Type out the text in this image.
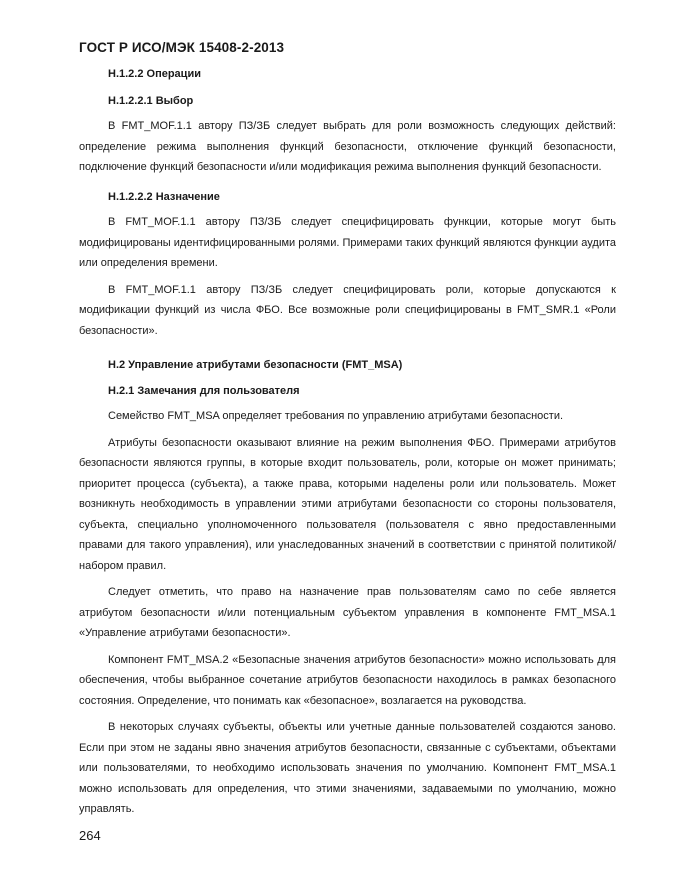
ГОСТ Р ИСО/МЭК 15408-2-2013

H.1.2.2 Операции

H.1.2.2.1 Выбор

В FMT_MOF.1.1 автору ПЗ/ЗБ следует выбрать для роли возможность следующих действий: определение режима выполнения функций безопасности, отключение функций безопасности, подключение функций безопасности и/или модификация режима выполнения функций безопасности.

H.1.2.2.2 Назначение

В FMT_MOF.1.1 автору ПЗ/ЗБ следует специфицировать функции, которые могут быть модифицированы идентифицированными ролями. Примерами таких функций являются функции аудита или определения времени.

В FMT_MOF.1.1 автору ПЗ/ЗБ следует специфицировать роли, которые допускаются к модификации функций из числа ФБО. Все возможные роли специфицированы в FMT_SMR.1 «Роли безопасности».

H.2 Управление атрибутами безопасности (FMT_MSA)

H.2.1 Замечания для пользователя

Семейство FMT_MSA определяет требования по управлению атрибутами безопасности.

Атрибуты безопасности оказывают влияние на режим выполнения ФБО. Примерами атрибутов безопасности являются группы, в которые входит пользователь, роли, которые он может принимать; приоритет процесса (субъекта), а также права, которыми наделены роли или пользователь. Может возникнуть необходимость в управлении этими атрибутами безопасности со стороны пользователя, субъекта, специально уполномоченного пользователя (пользователя с явно предоставленными правами для такого управления), или унаследованных значений в соответствии с принятой политикой/набором правил.

Следует отметить, что право на назначение прав пользователям само по себе является атрибутом безопасности и/или потенциальным субъектом управления в компоненте FMT_MSA.1 «Управление атрибутами безопасности».

Компонент FMT_MSA.2 «Безопасные значения атрибутов безопасности» можно использовать для обеспечения, чтобы выбранное сочетание атрибутов безопасности находилось в рамках безопасного состояния. Определение, что понимать как «безопасное», возлагается на руководства.

В некоторых случаях субъекты, объекты или учетные данные пользователей создаются заново. Если при этом не заданы явно значения атрибутов безопасности, связанные с субъектами, объектами или пользователями, то необходимо использовать значения по умолчанию. Компонент FMT_MSA.1 можно использовать для определения, что этими значениями, задаваемыми по умолчанию, можно управлять.

264
